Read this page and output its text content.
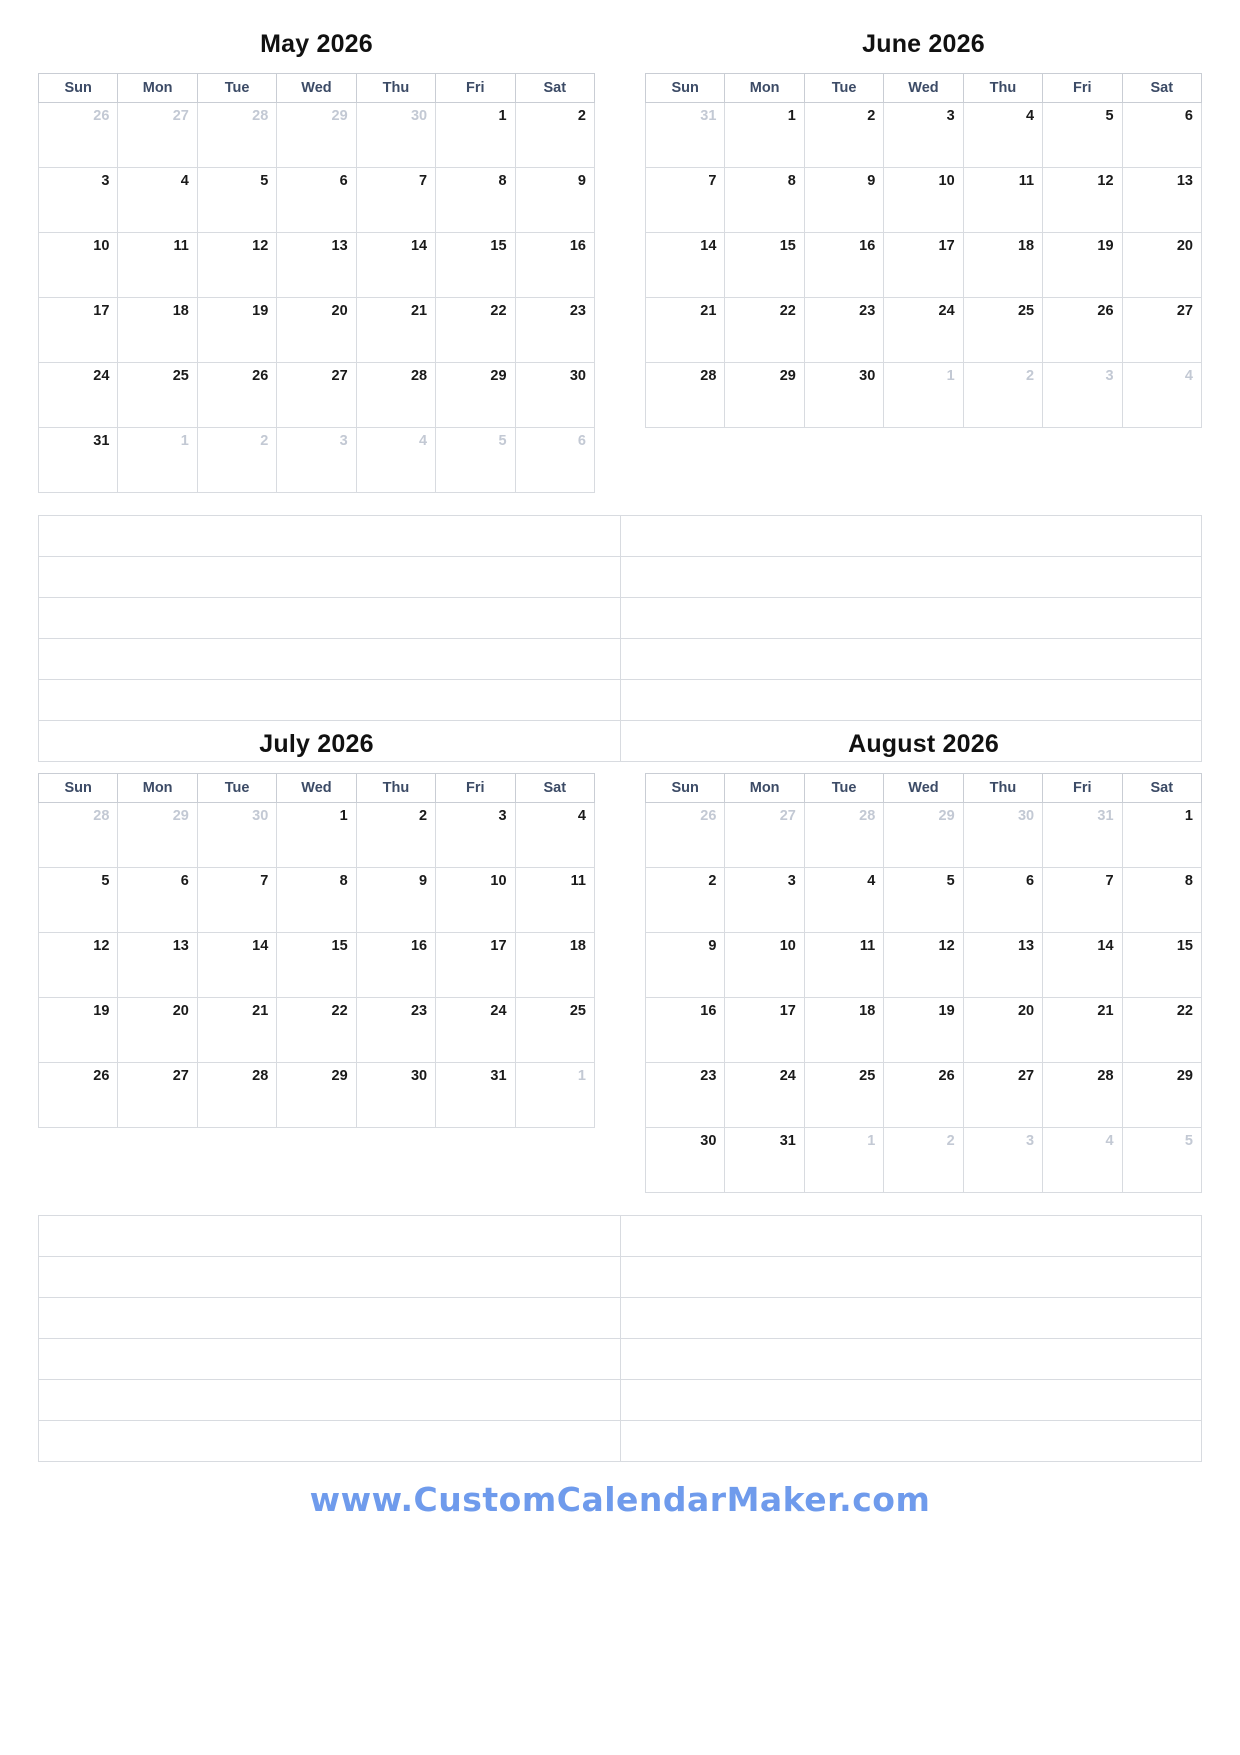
May 2026
Sun	Mon	Tue	Wed	Thu	Fri	Sat
26	27	28	29	30	1	2
3	4	5	6	7	8	9
10	11	12	13	14	15	16
17	18	19	20	21	22	23
24	25	26	27	28	29	30
31	1	2	3	4	5	6
June 2026
Sun	Mon	Tue	Wed	Thu	Fri	Sat
31	1	2	3	4	5	6
7	8	9	10	11	12	13
14	15	16	17	18	19	20
21	22	23	24	25	26	27
28	29	30	1	2	3	4

July 2026
Sun	Mon	Tue	Wed	Thu	Fri	Sat
28	29	30	1	2	3	4
5	6	7	8	9	10	11
12	13	14	15	16	17	18
19	20	21	22	23	24	25
26	27	28	29	30	31	1
August 2026
Sun	Mon	Tue	Wed	Thu	Fri	Sat
26	27	28	29	30	31	1
2	3	4	5	6	7	8
9	10	11	12	13	14	15
16	17	18	19	20	21	22
23	24	25	26	27	28	29
30	31	1	2	3	4	5

www.CustomCalendarMaker.com
